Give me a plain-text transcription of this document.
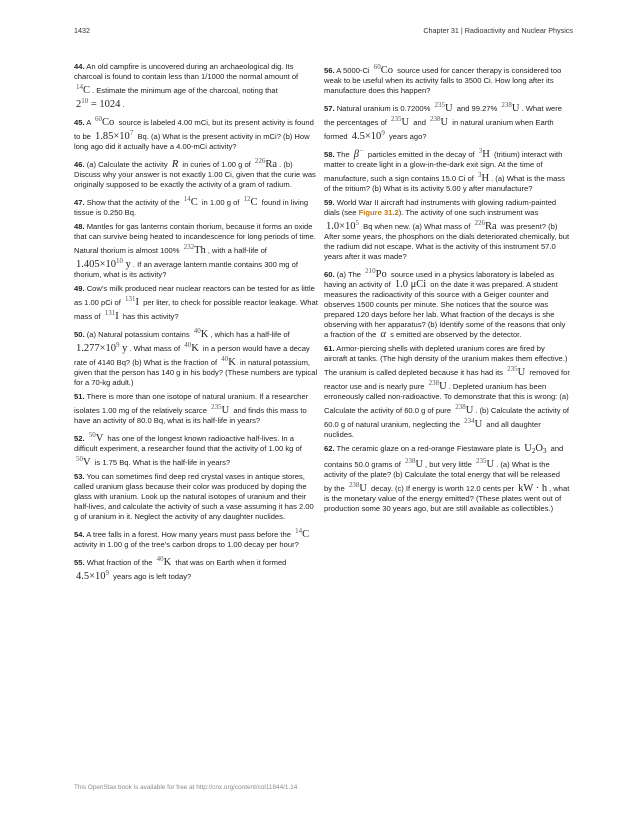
1432	Chapter 31 | Radioactivity and Nuclear Physics

44. An old campfire is uncovered during an archaeological dig. Its charcoal is found to contain less than 1/1000 the normal amount of $^{14}$C . Estimate the minimum age of the charcoal, noting that $2^{10} = 1024$ .

45. A $^{60}$Co source is labeled 4.00 mCi, but its present activity is found to be $1.85\times 10^7$ Bq. (a) What is the present activity in mCi? (b) How long ago did it actually have a 4.00-mCi activity?

46. (a) Calculate the activity R in curies of 1.00 g of $^{226}$Ra . (b) Discuss why your answer is not exactly 1.00 Ci, given that the curie was originally supposed to be exactly the activity of a gram of radium.

47. Show that the activity of the $^{14}$C in 1.00 g of $^{12}$C found in living tissue is 0.250 Bq.

48. Mantles for gas lanterns contain thorium, because it forms an oxide that can survive being heated to incandescence for long periods of time. Natural thorium is almost 100% $^{232}$Th , with a half-life of $1.405\times 10^{10}$ y . If an average lantern mantle contains 300 mg of thorium, what is its activity?

49. Cow’s milk produced near nuclear reactors can be tested for as little as 1.00 pCi of $^{131}$I per liter, to check for possible reactor leakage. What mass of $^{131}$I has this activity?

50. (a) Natural potassium contains $^{40}$K , which has a half-life of $1.277\times 10^9$ y . What mass of $^{40}$K in a person would have a decay rate of 4140 Bq? (b) What is the fraction of $^{40}$K in natural potassium, given that the person has 140 g in his body? (These numbers are typical for a 70-kg adult.)

51. There is more than one isotope of natural uranium. If a researcher isolates 1.00 mg of the relatively scarce $^{235}$U and finds this mass to have an activity of 80.0 Bq, what is its half-life in years?

52. $^{50}$V has one of the longest known radioactive half-lives. In a difficult experiment, a researcher found that the activity of 1.00 kg of $^{50}$V is 1.75 Bq. What is the half-life in years?

53. You can sometimes find deep red crystal vases in antique stores, called uranium glass because their color was produced by doping the glass with uranium. Look up the natural isotopes of uranium and their half-lives, and calculate the activity of such a vase assuming it has 2.00 g of uranium in it. Neglect the activity of any daughter nuclides.

54. A tree falls in a forest. How many years must pass before the $^{14}$C activity in 1.00 g of the tree’s carbon drops to 1.00 decay per hour?

55. What fraction of the $^{40}$K that was on Earth when it formed $4.5\times 10^9$ years ago is left today?

56. A 5000-Ci $^{60}$Co source used for cancer therapy is considered too weak to be useful when its activity falls to 3500 Ci. How long after its manufacture does this happen?

57. Natural uranium is 0.7200% $^{235}$U and 99.27% $^{238}$U . What were the percentages of $^{235}$U and $^{238}$U in natural uranium when Earth formed $4.5\times 10^9$ years ago?

58. The β− particles emitted in the decay of $^3$H (tritium) interact with matter to create light in a glow-in-the-dark exit sign. At the time of manufacture, such a sign contains 15.0 Ci of $^3$H . (a) What is the mass of the tritium? (b) What is its activity 5.00 y after manufacture?

59. World War II aircraft had instruments with glowing radium-painted dials (see Figure 31.2). The activity of one such instrument was $1.0\times 10^5$ Bq when new. (a) What mass of $^{226}$Ra was present? (b) After some years, the phosphors on the dials deteriorated chemically, but the radium did not escape. What is the activity of this instrument 57.0 years after it was made?

60. (a) The $^{210}$Po source used in a physics laboratory is labeled as having an activity of 1.0 μCi on the date it was prepared. A student measures the radioactivity of this source with a Geiger counter and observes 1500 counts per minute. She notices that the source was prepared 120 days before her lab. What fraction of the decays is she observing with her apparatus? (b) Identify some of the reasons that only a fraction of the α s emitted are observed by the detector.

61. Armor-piercing shells with depleted uranium cores are fired by aircraft at tanks. (The high density of the uranium makes them effective.) The uranium is called depleted because it has had its $^{235}$U removed for reactor use and is nearly pure $^{238}$U . Depleted uranium has been erroneously called non-radioactive. To demonstrate that this is wrong: (a) Calculate the activity of 60.0 g of pure $^{238}$U . (b) Calculate the activity of 60.0 g of natural uranium, neglecting the $^{234}$U and all daughter nuclides.

62. The ceramic glaze on a red-orange Fiestaware plate is $U_2O_3$ and contains 50.0 grams of $^{238}$U , but very little $^{235}$U . (a) What is the activity of the plate? (b) Calculate the total energy that will be released by the $^{238}$U decay. (c) If energy is worth 12.0 cents per kW · h , what is the monetary value of the energy emitted? (These plates went out of production some 30 years ago, but are still available as collectibles.)

This OpenStax book is available for free at http://cnx.org/content/col11844/1.14
